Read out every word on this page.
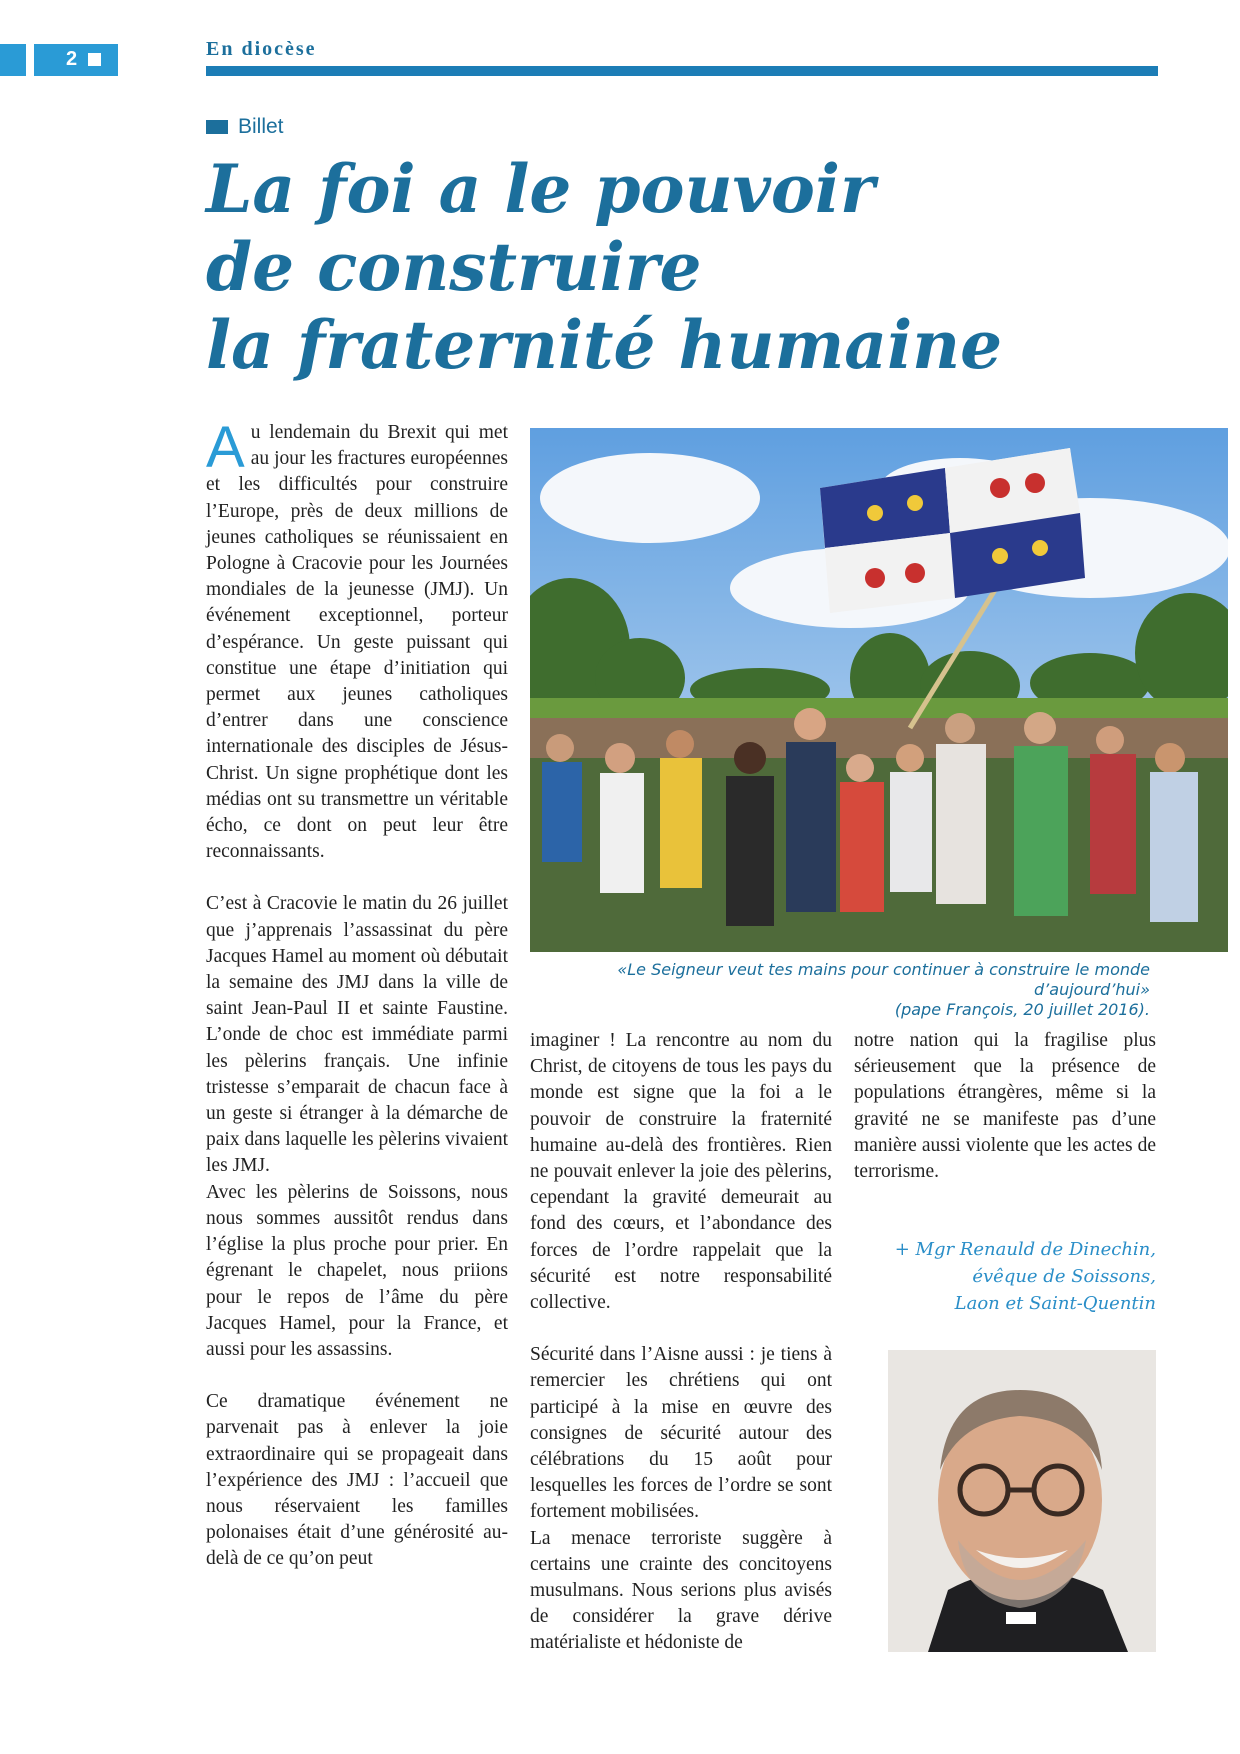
2	En diocèse
Billet
La foi a le pouvoir
de construire
la fraternité humaine

Au lendemain du Brexit qui met au jour les fractures européennes et les difficultés pour construire l’Europe, près de deux millions de jeunes catholiques se réunissaient en Pologne à Cracovie pour les Journées mondiales de la jeunesse (JMJ). Un événement exceptionnel, porteur d’espérance. Un geste puissant qui constitue une étape d’initiation qui permet aux jeunes catholiques d’entrer dans une conscience internationale des disciples de Jésus-Christ. Un signe prophétique dont les médias ont su transmettre un véritable écho, ce dont on peut leur être reconnaissants.

C’est à Cracovie le matin du 26 juillet que j’apprenais l’assassinat du père Jacques Hamel au moment où débutait la semaine des JMJ dans la ville de saint Jean-Paul II et sainte Faustine. L’onde de choc est immédiate parmi les pèlerins français. Une infinie tristesse s’emparait de chacun face à un geste si étranger à la démarche de paix dans laquelle les pèlerins vivaient les JMJ.

Avec les pèlerins de Soissons, nous nous sommes aussitôt rendus dans l’église la plus proche pour prier. En égrenant le chapelet, nous priions pour le repos de l’âme du père Jacques Hamel, pour la France, et aussi pour les assassins.

Ce dramatique événement ne parvenait pas à enlever la joie extraordinaire qui se propageait dans l’expérience des JMJ : l’accueil que nous réservaient les familles polonaises était d’une générosité au-delà de ce qu’on peut

«Le Seigneur veut tes mains pour continuer à construire le monde d’aujourd’hui»
(pape François, 20 juillet 2016).

imaginer ! La rencontre au nom du Christ, de citoyens de tous les pays du monde est signe que la foi a le pouvoir de construire la fraternité humaine au-delà des frontières. Rien ne pouvait enlever la joie des pèlerins, cependant la gravité demeurait au fond des cœurs, et l’abondance des forces de l’ordre rappelait que la sécurité est notre responsabilité collective.

Sécurité dans l’Aisne aussi : je tiens à remercier les chrétiens qui ont participé à la mise en œuvre des consignes de sécurité autour des célébrations du 15 août pour lesquelles les forces de l’ordre se sont fortement mobilisées.

La menace terroriste suggère à certains une crainte des concitoyens musulmans. Nous serions plus avisés de considérer la grave dérive matérialiste et hédoniste de

notre nation qui la fragilise plus sérieusement que la présence de populations étrangères, même si la gravité ne se manifeste pas d’une manière aussi violente que les actes de terrorisme.

+ Mgr Renauld de Dinechin,
évêque de Soissons,
Laon et Saint-Quentin
